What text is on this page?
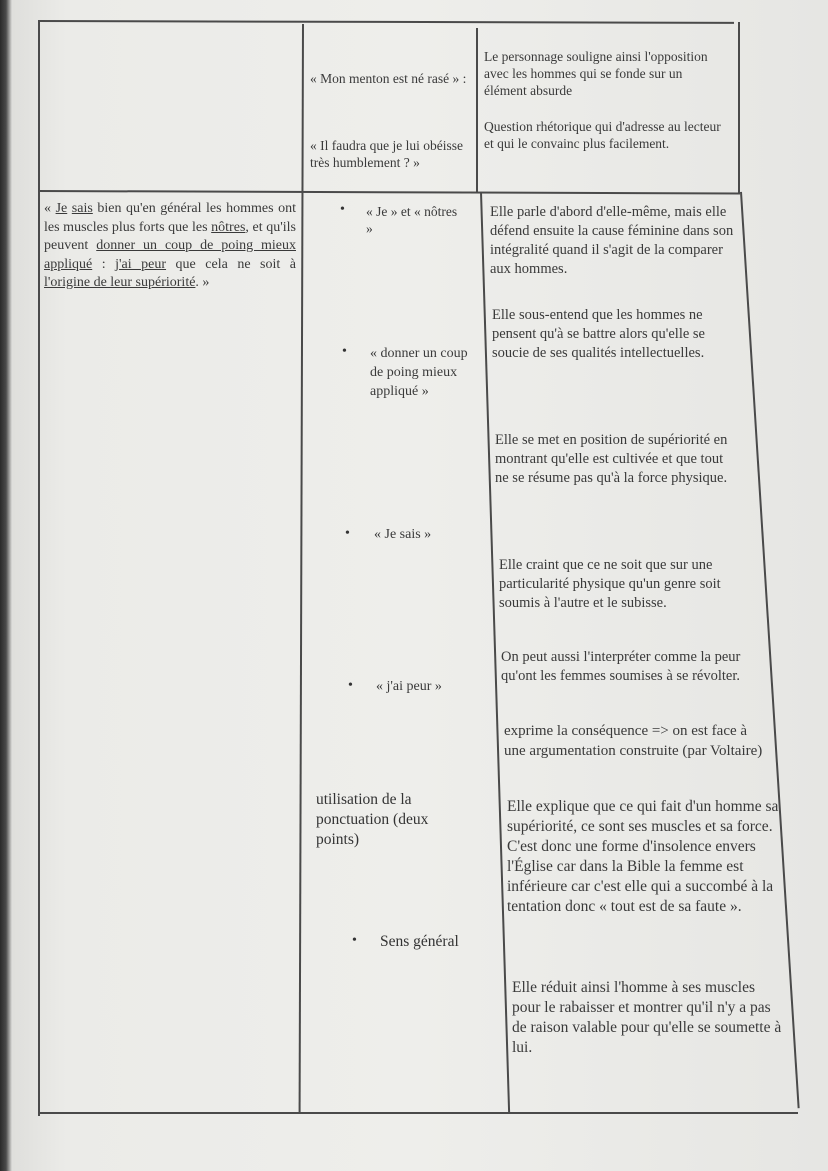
« Mon menton est né rasé » :
« Il faudra que je lui obéisse très humblement ? »
Le personnage souligne ainsi l'opposition avec les hommes qui se fonde sur un élément absurde
Question rhétorique qui d'adresse au lecteur et qui le convainc plus facilement.
« Je sais bien qu'en général les hommes ont les muscles plus forts que les nôtres, et qu'ils peuvent donner un coup de poing mieux appliqué : j'ai peur que cela ne soit à l'origine de leur supériorité. »
• « Je » et « nôtres »
• « donner un coup de poing mieux appliqué »
• « Je sais »
• « j'ai peur »
utilisation de la ponctuation (deux points)
• Sens général
Elle parle d'abord d'elle-même, mais elle défend ensuite la cause féminine dans son intégralité quand il s'agit de la comparer aux hommes.
Elle sous-entend que les hommes ne pensent qu'à se battre alors qu'elle se soucie de ses qualités intellectuelles.
Elle se met en position de supériorité en montrant qu'elle est cultivée et que tout ne se résume pas qu'à la force physique.
Elle craint que ce ne soit que sur une particularité physique qu'un genre soit soumis à l'autre et le subisse.
On peut aussi l'interpréter comme la peur qu'ont les femmes soumises à se révolter.
exprime la conséquence => on est face à une argumentation construite (par Voltaire)
Elle explique que ce qui fait d'un homme sa supériorité, ce sont ses muscles et sa force. C'est donc une forme d'insolence envers l'Église car dans la Bible la femme est inférieure car c'est elle qui a succombé à la tentation donc « tout est de sa faute ».
Elle réduit ainsi l'homme à ses muscles pour le rabaisser et montrer qu'il n'y a pas de raison valable pour qu'elle se soumette à lui.
